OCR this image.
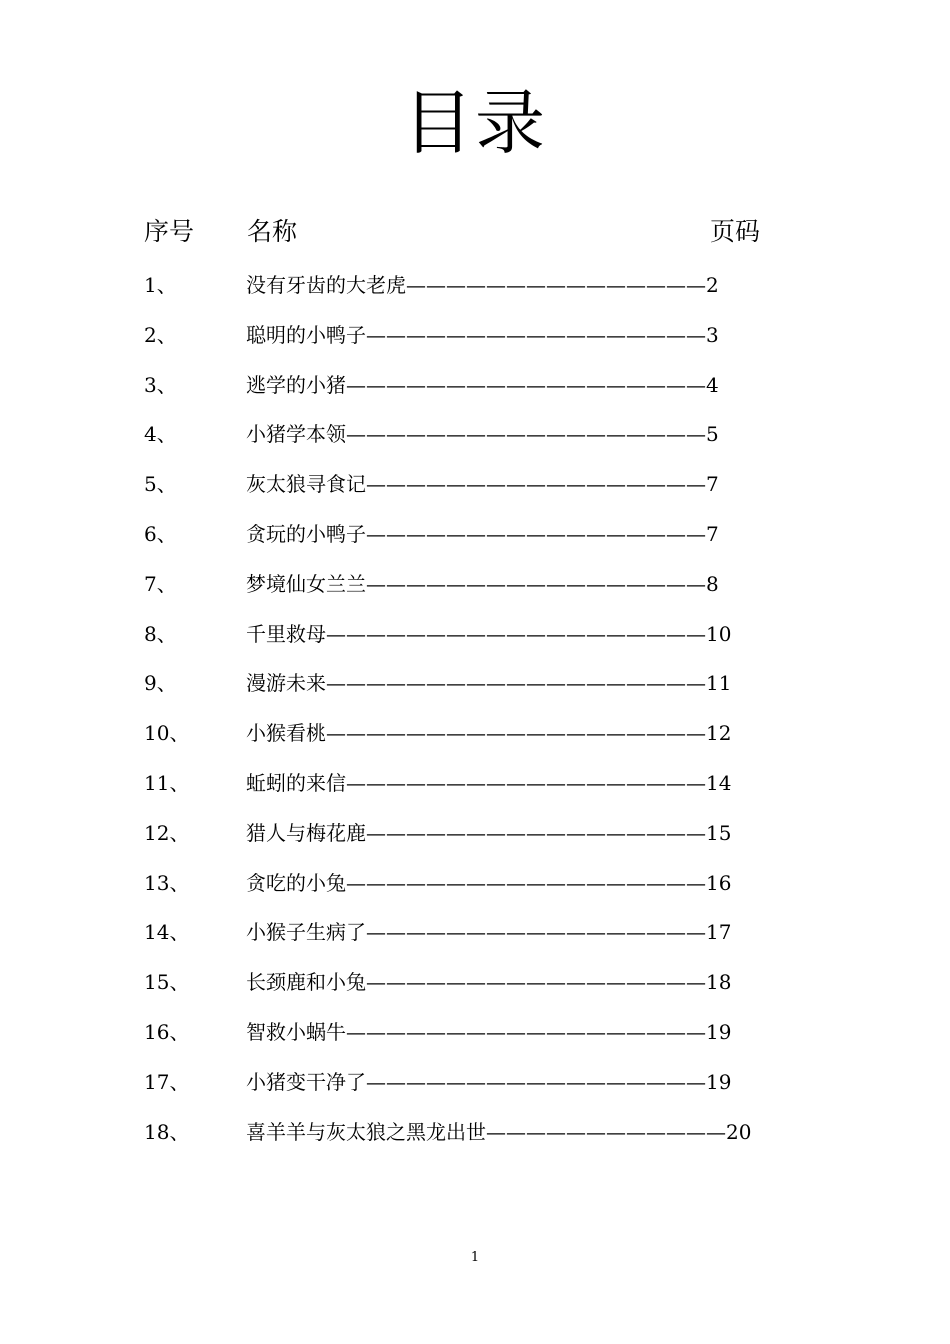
目录
序号 名称	页码
1、	没有牙齿的大老虎———————————————2
2、	聪明的小鸭子—————————————————3
3、	逃学的小猪——————————————————4
4、	小猪学本领——————————————————5
5、	灰太狼寻食记—————————————————7
6、	贪玩的小鸭子—————————————————7
7、	梦境仙女兰兰—————————————————8
8、	千里救母———————————————————10
9、	漫游未来———————————————————11
10、	小猴看桃———————————————————12
11、	蚯蚓的来信——————————————————14
12、	猎人与梅花鹿—————————————————15
13、	贪吃的小兔——————————————————16
14、	小猴子生病了—————————————————17
15、	长颈鹿和小兔—————————————————18
16、	智救小蜗牛——————————————————19
17、	小猪变干净了—————————————————19
18、	喜羊羊与灰太狼之黑龙出世————————————20
1
